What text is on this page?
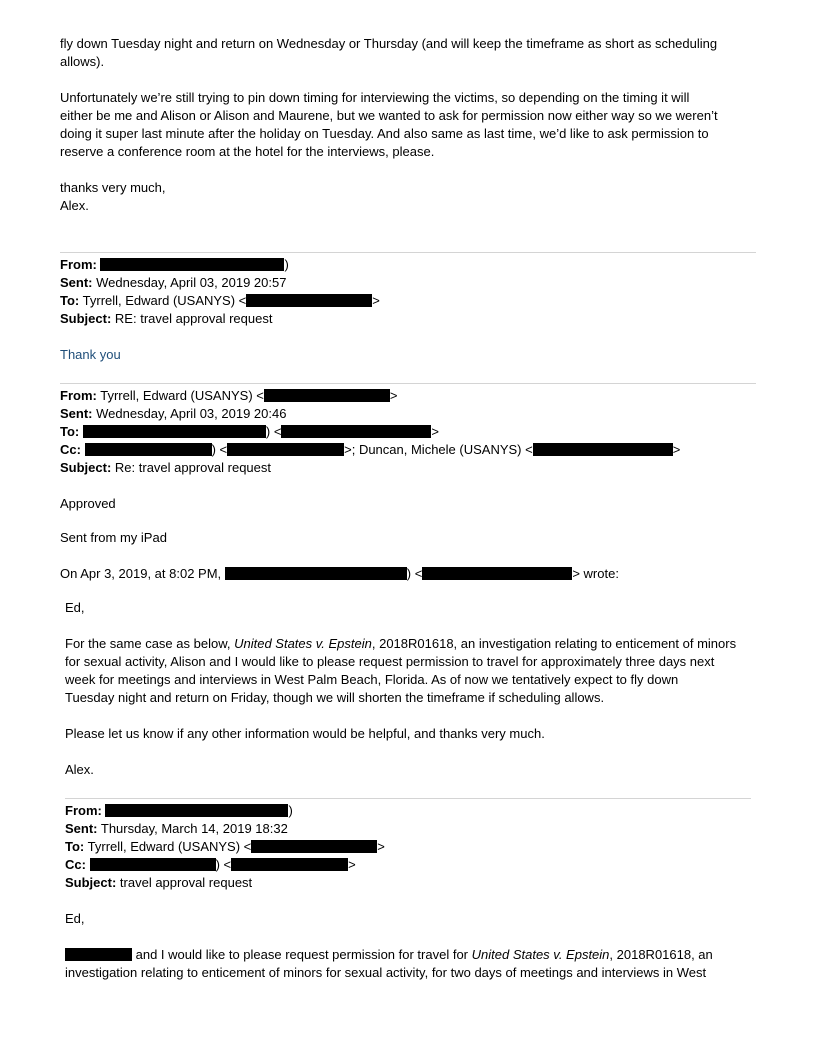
fly down Tuesday night and return on Wednesday or Thursday (and will keep the timeframe as short as scheduling
allows).
Unfortunately we’re still trying to pin down timing for interviewing the victims, so depending on the timing it will
either be me and Alison or Alison and Maurene, but we wanted to ask for permission now either way so we weren’t
doing it super last minute after the holiday on Tuesday. And also same as last time, we’d like to ask permission to
reserve a conference room at the hotel for the interviews, please.
thanks very much,
Alex.
From:	)
Sent: Wednesday, April 03, 2019 20:57
To: Tyrrell, Edward (USANYS) <	>
Subject: RE: travel approval request
Thank you
From: Tyrrell, Edward (USANYS) <	>
Sent: Wednesday, April 03, 2019 20:46
To:	) <	>
Cc:	) <	>; Duncan, Michele (USANYS) <	>
Subject: Re: travel approval request
Approved
Sent from my iPad
On Apr 3, 2019, at 8:02 PM,	) <	> wrote:
Ed,
For the same case as below, United States v. Epstein, 2018R01618, an investigation relating to enticement of minors
for sexual activity, Alison and I would like to please request permission to travel for approximately three days next
week for meetings and interviews in West Palm Beach, Florida. As of now we tentatively expect to fly down
Tuesday night and return on Friday, though we will shorten the timeframe if scheduling allows.
Please let us know if any other information would be helpful, and thanks very much.
Alex.
From:	)
Sent: Thursday, March 14, 2019 18:32
To: Tyrrell, Edward (USANYS) <	>
Cc:	) <	>
Subject: travel approval request
Ed,
and I would like to please request permission for travel for United States v. Epstein, 2018R01618, an
investigation relating to enticement of minors for sexual activity, for two days of meetings and interviews in West
